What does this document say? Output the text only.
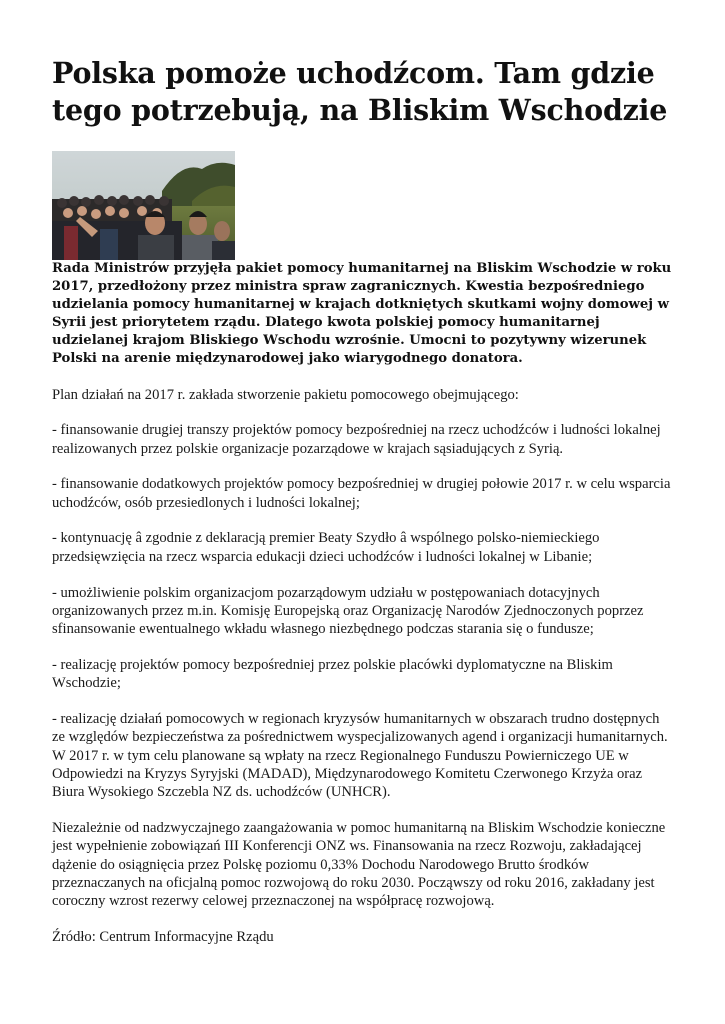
Polska pomoże uchodźcom. Tam gdzie tego potrzebują, na Bliskim Wschodzie

Rada Ministrów przyjęła pakiet pomocy humanitarnej na Bliskim Wschodzie w roku 2017, przedłożony przez ministra spraw zagranicznych. Kwestia bezpośredniego udzielania pomocy humanitarnej w krajach dotkniętych skutkami wojny domowej w Syrii jest priorytetem rządu. Dlatego kwota polskiej pomocy humanitarnej udzielanej krajom Bliskiego Wschodu wzrośnie. Umocni to pozytywny wizerunek Polski na arenie międzynarodowej jako wiarygodnego donatora.

Plan działań na 2017 r. zakłada stworzenie pakietu pomocowego obejmującego:

- finansowanie drugiej transzy projektów pomocy bezpośredniej na rzecz uchodźców i ludności lokalnej realizowanych przez polskie organizacje pozarządowe w krajach sąsiadujących z Syrią.

- finansowanie dodatkowych projektów pomocy bezpośredniej w drugiej połowie 2017 r. w celu wsparcia uchodźców, osób przesiedlonych i ludności lokalnej;

- kontynuację â zgodnie z deklaracją premier Beaty Szydło â wspólnego polsko-niemieckiego przedsięwzięcia na rzecz wsparcia edukacji dzieci uchodźców i ludności lokalnej w Libanie;

- umożliwienie polskim organizacjom pozarządowym udziału w postępowaniach dotacyjnych organizowanych przez m.in. Komisję Europejską oraz Organizację Narodów Zjednoczonych poprzez sfinansowanie ewentualnego wkładu własnego niezbędnego podczas starania się o fundusze;

- realizację projektów pomocy bezpośredniej przez polskie placówki dyplomatyczne na Bliskim Wschodzie;

- realizację działań pomocowych w regionach kryzysów humanitarnych w obszarach trudno dostępnych ze względów bezpieczeństwa za pośrednictwem wyspecjalizowanych agend i organizacji humanitarnych. W 2017 r. w tym celu planowane są wpłaty na rzecz Regionalnego Funduszu Powierniczego UE w Odpowiedzi na Kryzys Syryjski (MADAD), Międzynarodowego Komitetu Czerwonego Krzyża oraz Biura Wysokiego Szczebla NZ ds. uchodźców (UNHCR).

Niezależnie od nadzwyczajnego zaangażowania w pomoc humanitarną na Bliskim Wschodzie konieczne jest wypełnienie zobowiązań III Konferencji ONZ ws. Finansowania na rzecz Rozwoju, zakładającej dążenie do osiągnięcia przez Polskę poziomu 0,33% Dochodu Narodowego Brutto środków przeznaczanych na oficjalną pomoc rozwojową do roku 2030. Począwszy od roku 2016, zakładany jest coroczny wzrost rezerwy celowej przeznaczonej na współpracę rozwojową.

Źródło: Centrum Informacyjne Rządu
